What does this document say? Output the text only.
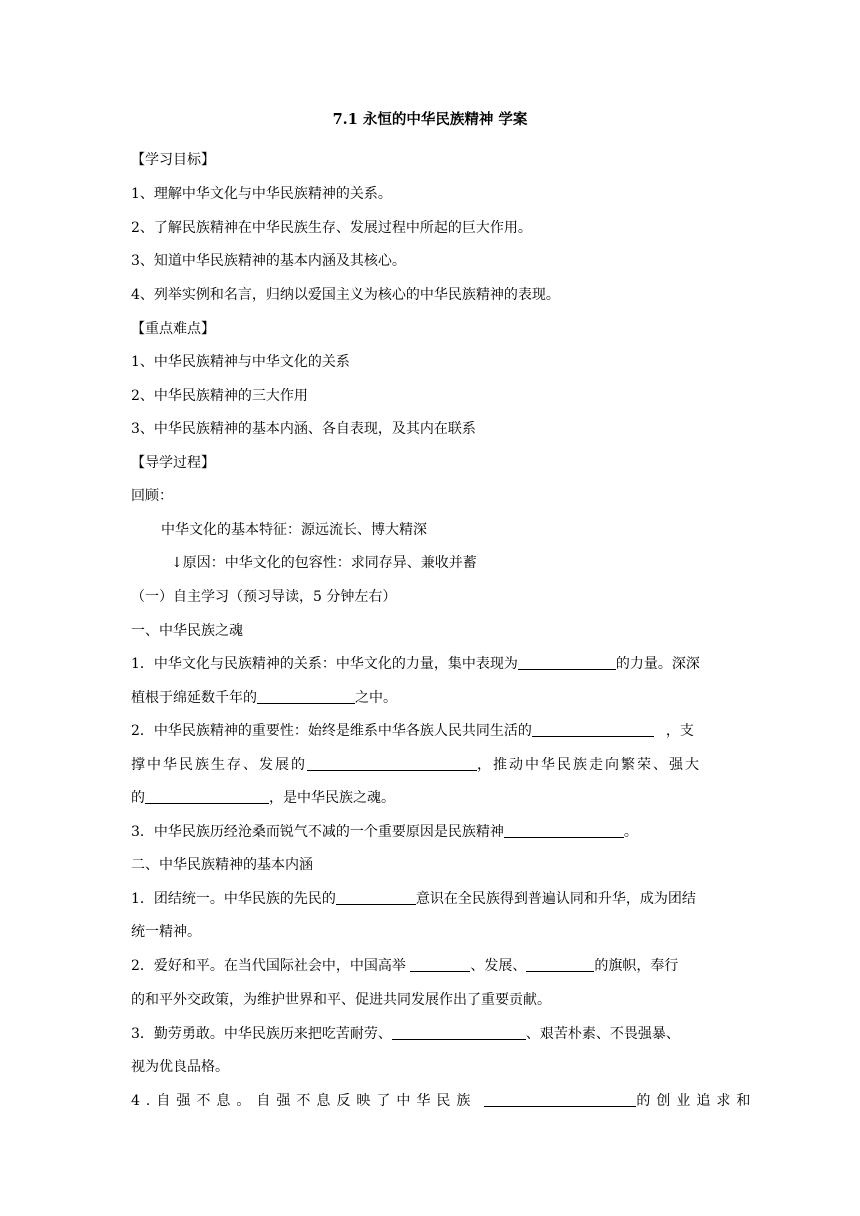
7.1 永恒的中华民族精神 学案
【学习目标】
1、理解中华文化与中华民族精神的关系。
2、了解民族精神在中华民族生存、发展过程中所起的巨大作用。
3、知道中华民族精神的基本内涵及其核心。
4、列举实例和名言，归纳以爱国主义为核心的中华民族精神的表现。
【重点难点】
1、中华民族精神与中华文化的关系
2、中华民族精神的三大作用
3、中华民族精神的基本内涵、各自表现，及其内在联系
【导学过程】
回顾：
中华文化的基本特征：源远流长、博大精深
↓原因：中华文化的包容性：求同存异、兼收并蓄
（一）自主学习（预习导读，5 分钟左右）
一、中华民族之魂
1．中华文化与民族精神的关系：中华文化的力量，集中表现为	的力量。深深
植根于绵延数千年的	之中。
2．中华民族精神的重要性：始终是维系中华各族人民共同生活的	，支
撑中华民族生存、发展的	，推动中华民族走向繁荣、强大
的	，是中华民族之魂。
3．中华民族历经沧桑而锐气不减的一个重要原因是民族精神	。
二、中华民族精神的基本内涵
1．团结统一。中华民族的先民的	意识在全民族得到普遍认同和升华，成为团结
统一精神。
2．爱好和平。在当代国际社会中，中国高举	、发展、	的旗帜，奉行
的和平外交政策，为维护世界和平、促进共同发展作出了重要贡献。
3．勤劳勇敢。中华民族历来把吃苦耐劳、	、艰苦朴素、不畏强暴、
视为优良品格。
4.自强不息。自强不息反映了中华民族	的创业追求和
